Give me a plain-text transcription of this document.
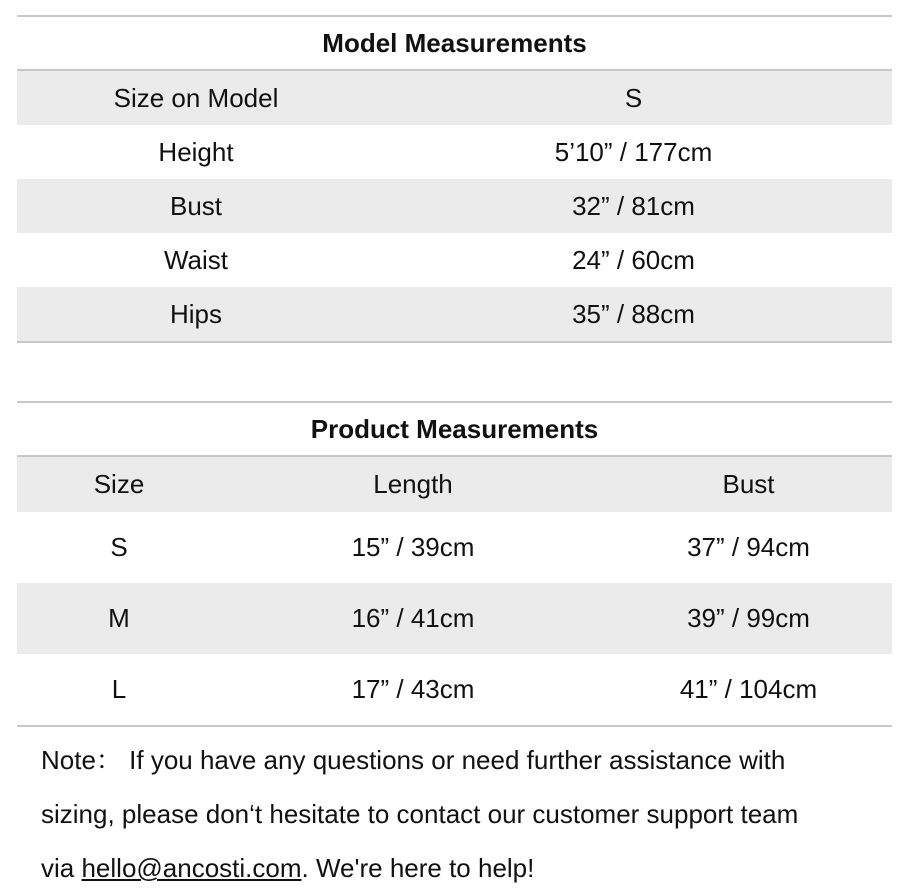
Model Measurements
Size on Model	S
Height	5’10” / 177cm
Bust	32” / 81cm
Waist	24” / 60cm
Hips	35” / 88cm
Product Measurements
Size	Length	Bust
S	15” / 39cm	37” / 94cm
M	16” / 41cm	39” / 99cm
L	17” / 43cm	41” / 104cm
Note： If you have any questions or need further assistance with
sizing, please don‘t hesitate to contact our customer support team
via hello@ancosti.com. We're here to help!
